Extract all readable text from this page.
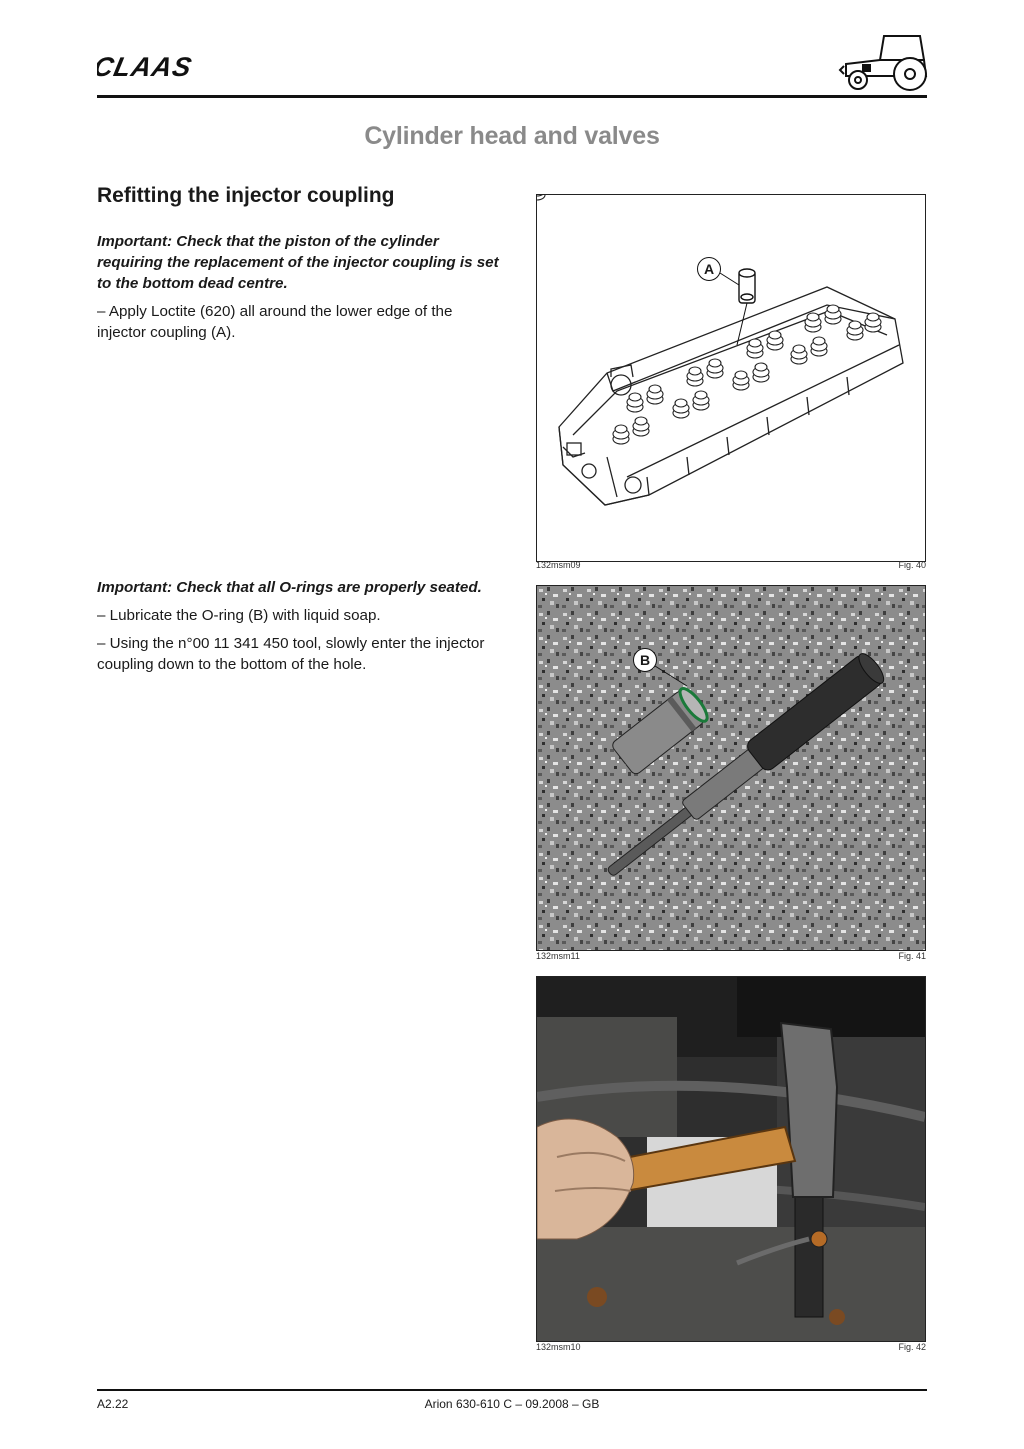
CLAAS
Cylinder head and valves
Refitting the injector coupling

Important: Check that the piston of the cylinder requiring the replacement of the injector coupling is set to the bottom dead centre.

– Apply Loctite (620) all around the lower edge of the injector coupling (A).

Important: Check that all O-rings are properly seated.

– Lubricate the O-ring (B) with liquid soap.

– Using the n°00 11 341 450 tool, slowly enter the injector coupling down to the bottom of the hole.

A
132msm09	Fig. 40
B
132msm11	Fig. 41
132msm10	Fig. 42
A2.22	Arion 630-610 C – 09.2008 – GB
